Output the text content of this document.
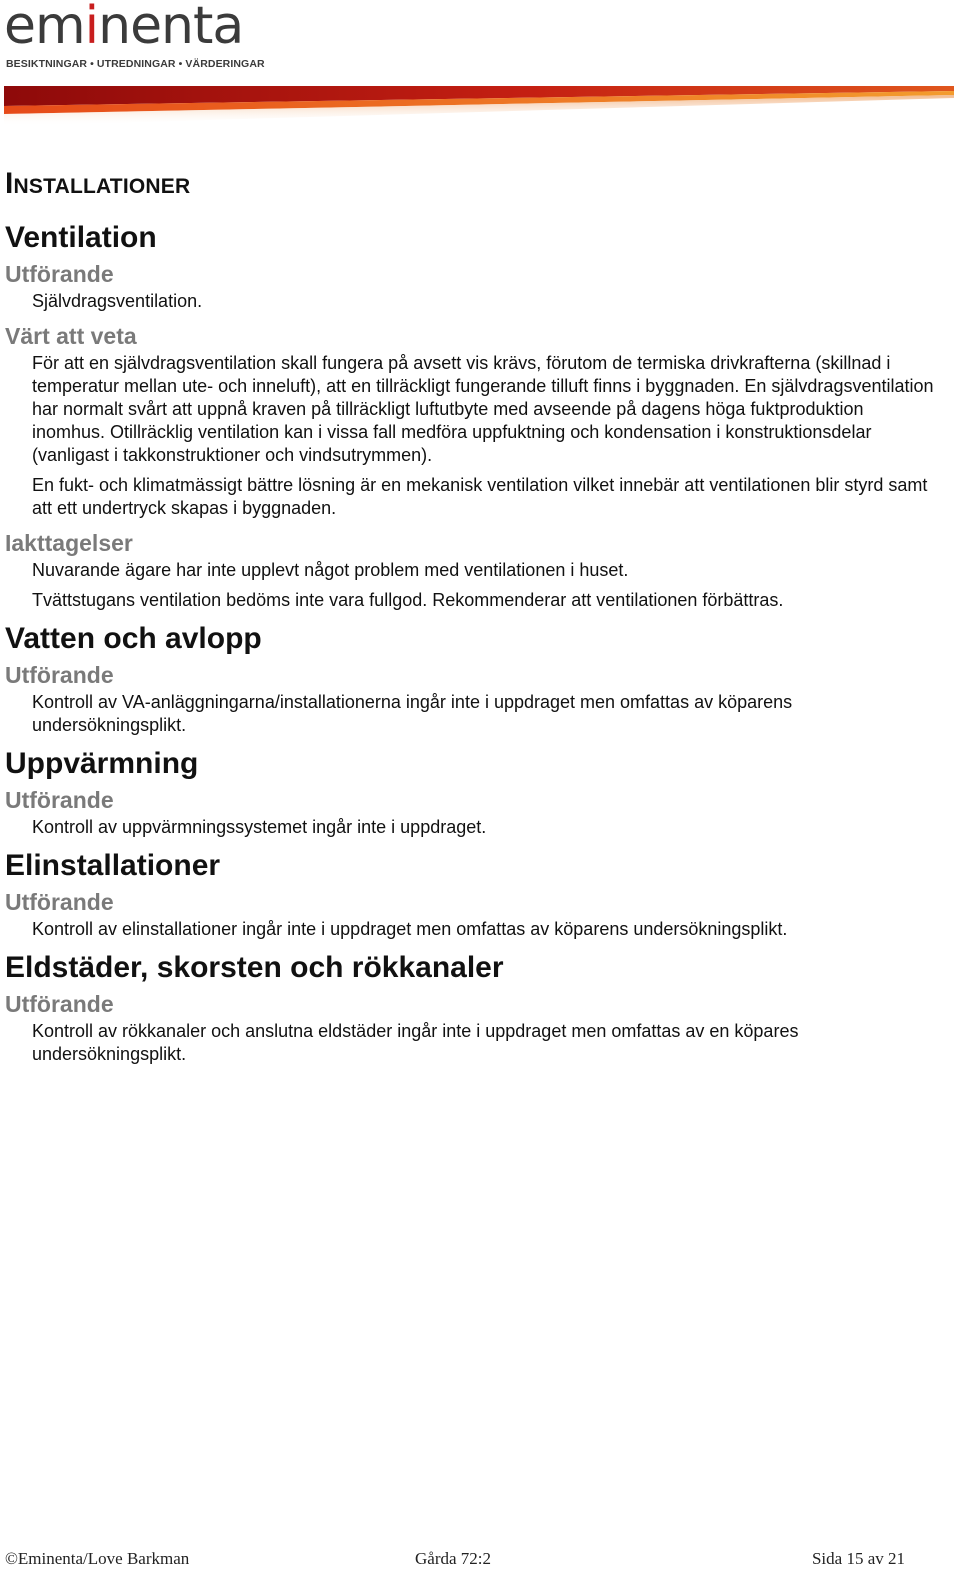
eminenta
BESIKTNINGAR • UTREDNINGAR • VÄRDERINGAR
Installationer
Ventilation
Utförande

Självdragsventilation.

Värt att veta

För att en självdragsventilation skall fungera på avsett vis krävs, förutom de termiska drivkrafterna (skillnad i temperatur mellan ute- och inneluft), att en tillräckligt fungerande tilluft finns i byggnaden. En självdragsventilation har normalt svårt att uppnå kraven på tillräckligt luftutbyte med avseende på dagens höga fuktproduktion inomhus. Otillräcklig ventilation kan i vissa fall medföra uppfuktning och kondensation i konstruktionsdelar (vanligast i takkonstruktioner och vindsutrymmen).

En fukt- och klimatmässigt bättre lösning är en mekanisk ventilation vilket innebär att ventilationen blir styrd samt att ett undertryck skapas i byggnaden.

Iakttagelser

Nuvarande ägare har inte upplevt något problem med ventilationen i huset.

Tvättstugans ventilation bedöms inte vara fullgod. Rekommenderar att ventilationen förbättras.

Vatten och avlopp
Utförande

Kontroll av VA-anläggningarna/installationerna ingår inte i uppdraget men omfattas av köparens undersökningsplikt.

Uppvärmning
Utförande

Kontroll av uppvärmningssystemet ingår inte i uppdraget.

Elinstallationer
Utförande

Kontroll av elinstallationer ingår inte i uppdraget men omfattas av köparens undersökningsplikt.

Eldstäder, skorsten och rökkanaler
Utförande

Kontroll av rökkanaler och anslutna eldstäder ingår inte i uppdraget men omfattas av en köpares undersökningsplikt.

©Eminenta/Love Barkman	Gårda 72:2	Sida 15 av 21
